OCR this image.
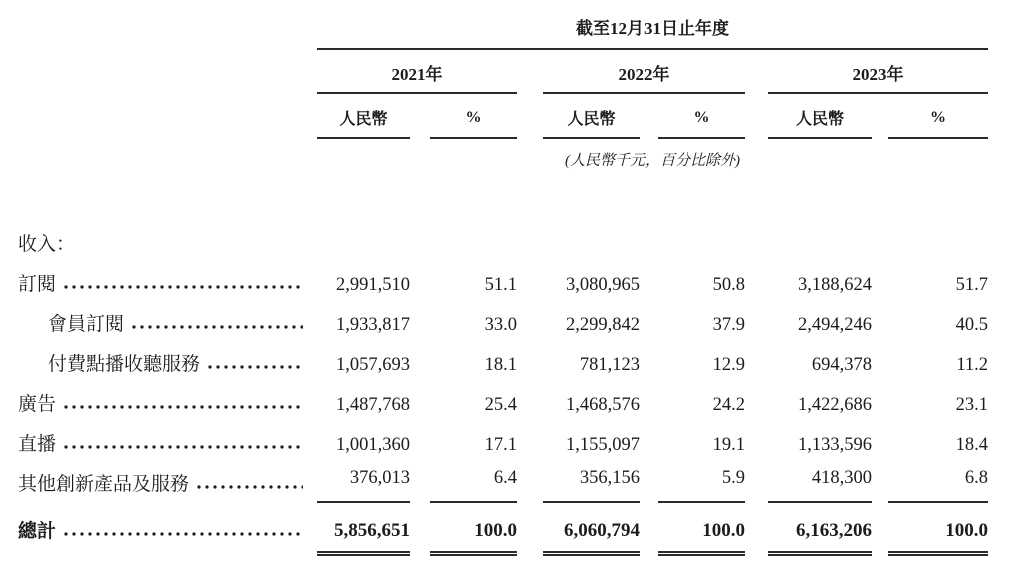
	截至12月31日止年度										
	2021年				2022年				2023年		
	人民幣		%		人民幣		%		人民幣		%
	(人民幣千元，百分比除外)										

收入：											

訂閱	2,991,510		51.1		3,080,965		50.8		3,188,624		51.7

會員訂閱	1,933,817		33.0		2,299,842		37.9		2,494,246		40.5

付費點播收聽服務	1,057,693		18.1		781,123		12.9		694,378		11.2

廣告	1,487,768		25.4		1,468,576		24.2		1,422,686		23.1

直播	1,001,360		17.1		1,155,097		19.1		1,133,596		18.4

其他創新產品及服務	376,013		6.4		356,156		5.9		418,300		6.8

總計	5,856,651		100.0		6,060,794		100.0		6,163,206		100.0
